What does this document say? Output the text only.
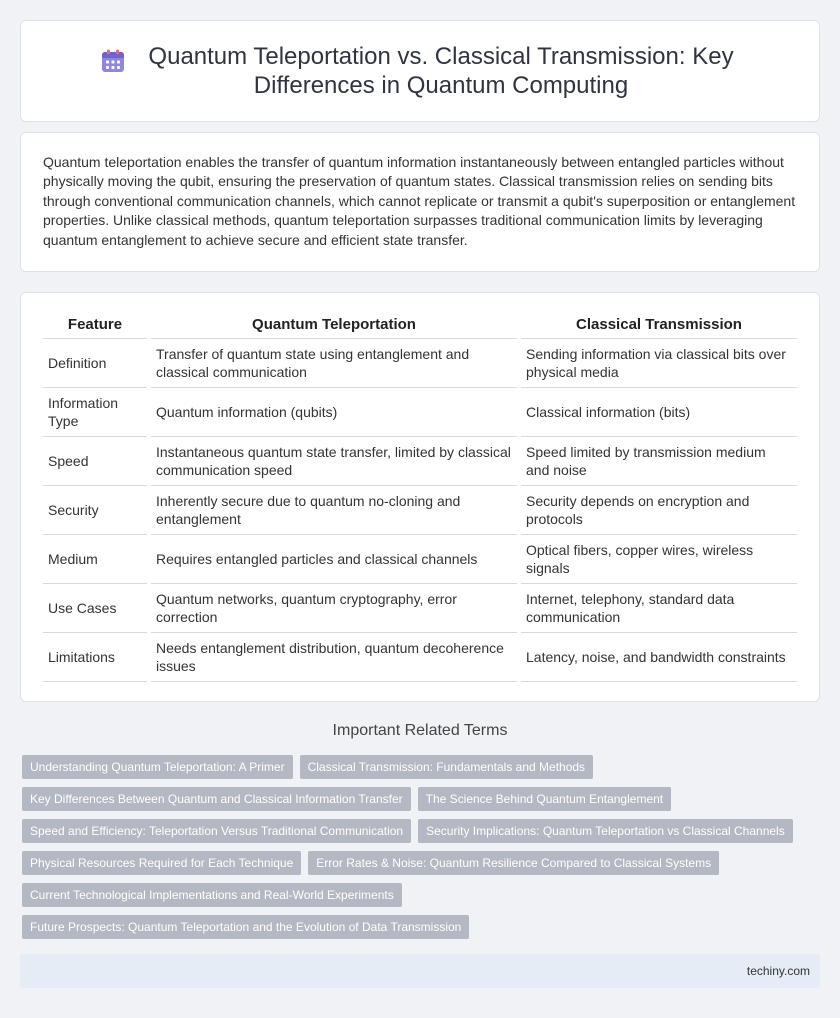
Quantum Teleportation vs. Classical Transmission: Key Differences in Quantum Computing

Quantum teleportation enables the transfer of quantum information instantaneously between entangled particles without physically moving the qubit, ensuring the preservation of quantum states. Classical transmission relies on sending bits through conventional communication channels, which cannot replicate or transmit a qubit's superposition or entanglement properties. Unlike classical methods, quantum teleportation surpasses traditional communication limits by leveraging quantum entanglement to achieve secure and efficient state transfer.

Feature	Quantum Teleportation	Classical Transmission
Definition	Transfer of quantum state using entanglement and classical communication	Sending information via classical bits over physical media
Information Type	Quantum information (qubits)	Classical information (bits)
Speed	Instantaneous quantum state transfer, limited by classical communication speed	Speed limited by transmission medium and noise
Security	Inherently secure due to quantum no-cloning and entanglement	Security depends on encryption and protocols
Medium	Requires entangled particles and classical channels	Optical fibers, copper wires, wireless signals
Use Cases	Quantum networks, quantum cryptography, error correction	Internet, telephony, standard data communication
Limitations	Needs entanglement distribution, quantum decoherence issues	Latency, noise, and bandwidth constraints
Important Related Terms
Understanding Quantum Teleportation: A Primer	Classical Transmission: Fundamentals and Methods
Key Differences Between Quantum and Classical Information Transfer	The Science Behind Quantum Entanglement
Speed and Efficiency: Teleportation Versus Traditional Communication	Security Implications: Quantum Teleportation vs Classical Channels
Physical Resources Required for Each Technique	Error Rates & Noise: Quantum Resilience Compared to Classical Systems
Current Technological Implementations and Real-World Experiments
Future Prospects: Quantum Teleportation and the Evolution of Data Transmission
techiny.com
